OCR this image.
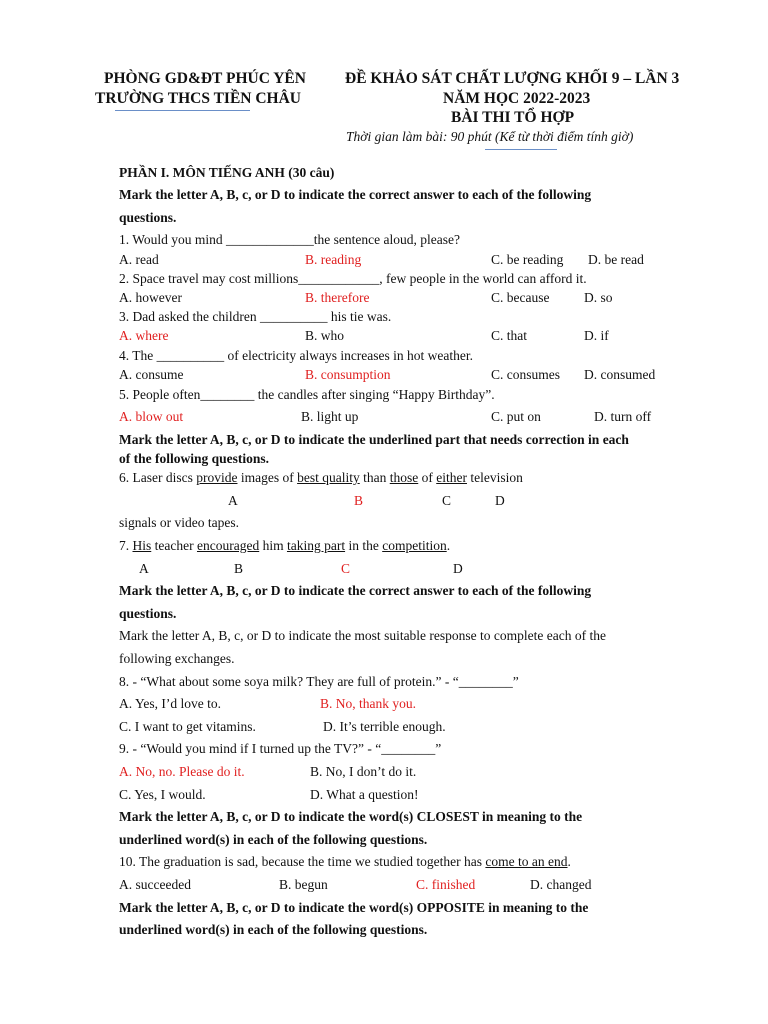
PHÒNG GD&ĐT PHÚC YÊN
TRƯỜNG THCS TIỀN CHÂU
ĐỀ KHẢO SÁT CHẤT LƯỢNG KHỐI 9 – LẦN 3
NĂM HỌC 2022-2023
BÀI THI TỔ HỢP
Thời gian làm bài: 90 phút (Kể từ thời điểm tính giờ)
PHẦN I. MÔN TIẾNG ANH (30 câu)
Mark the letter A, B, c, or D to indicate the correct answer to each of the following
questions.
1. Would you mind _____________the sentence aloud, please?
A. read	B. reading	C. be reading D. be read
2. Space travel may cost millions____________, few people in the world can afford it.
A. however	B. therefore	C. because	D. so
3. Dad asked the children __________ his tie was.
A. where	B. who	C. that	D. if
4. The __________ of electricity always increases in hot weather.
A. consume	B. consumption	C. consumes D. consumed
5. People often________ the candles after singing “Happy Birthday”.
A. blow out	B. light up	C. put on	D. turn off
Mark the letter A, B, c, or D to indicate the underlined part that needs correction in each
of the following questions.
6. Laser discs provide images of best quality than those of either television
A	B	C	D
signals or video tapes.
7. His teacher encouraged him taking part in the competition.
A	B	C	D
Mark the letter A, B, c, or D to indicate the correct answer to each of the following
questions.
Mark the letter A, B, c, or D to indicate the most suitable response to complete each of the
following exchanges.
8. - “What about some soya milk? They are full of protein.” - “________”
A. Yes, I’d love to.	B. No, thank you.
C. I want to get vitamins.	D. It’s terrible enough.
9. - “Would you mind if I turned up the TV?” - “________”
A. No, no. Please do it.	B. No, I don’t do it.
C. Yes, I would.	D. What a question!
Mark the letter A, B, c, or D to indicate the word(s) CLOSEST in meaning to the
underlined word(s) in each of the following questions.
10. The graduation is sad, because the time we studied together has come to an end.
A. succeeded	B. begun	C. finished	D. changed
Mark the letter A, B, c, or D to indicate the word(s) OPPOSITE in meaning to the
underlined word(s) in each of the following questions.
